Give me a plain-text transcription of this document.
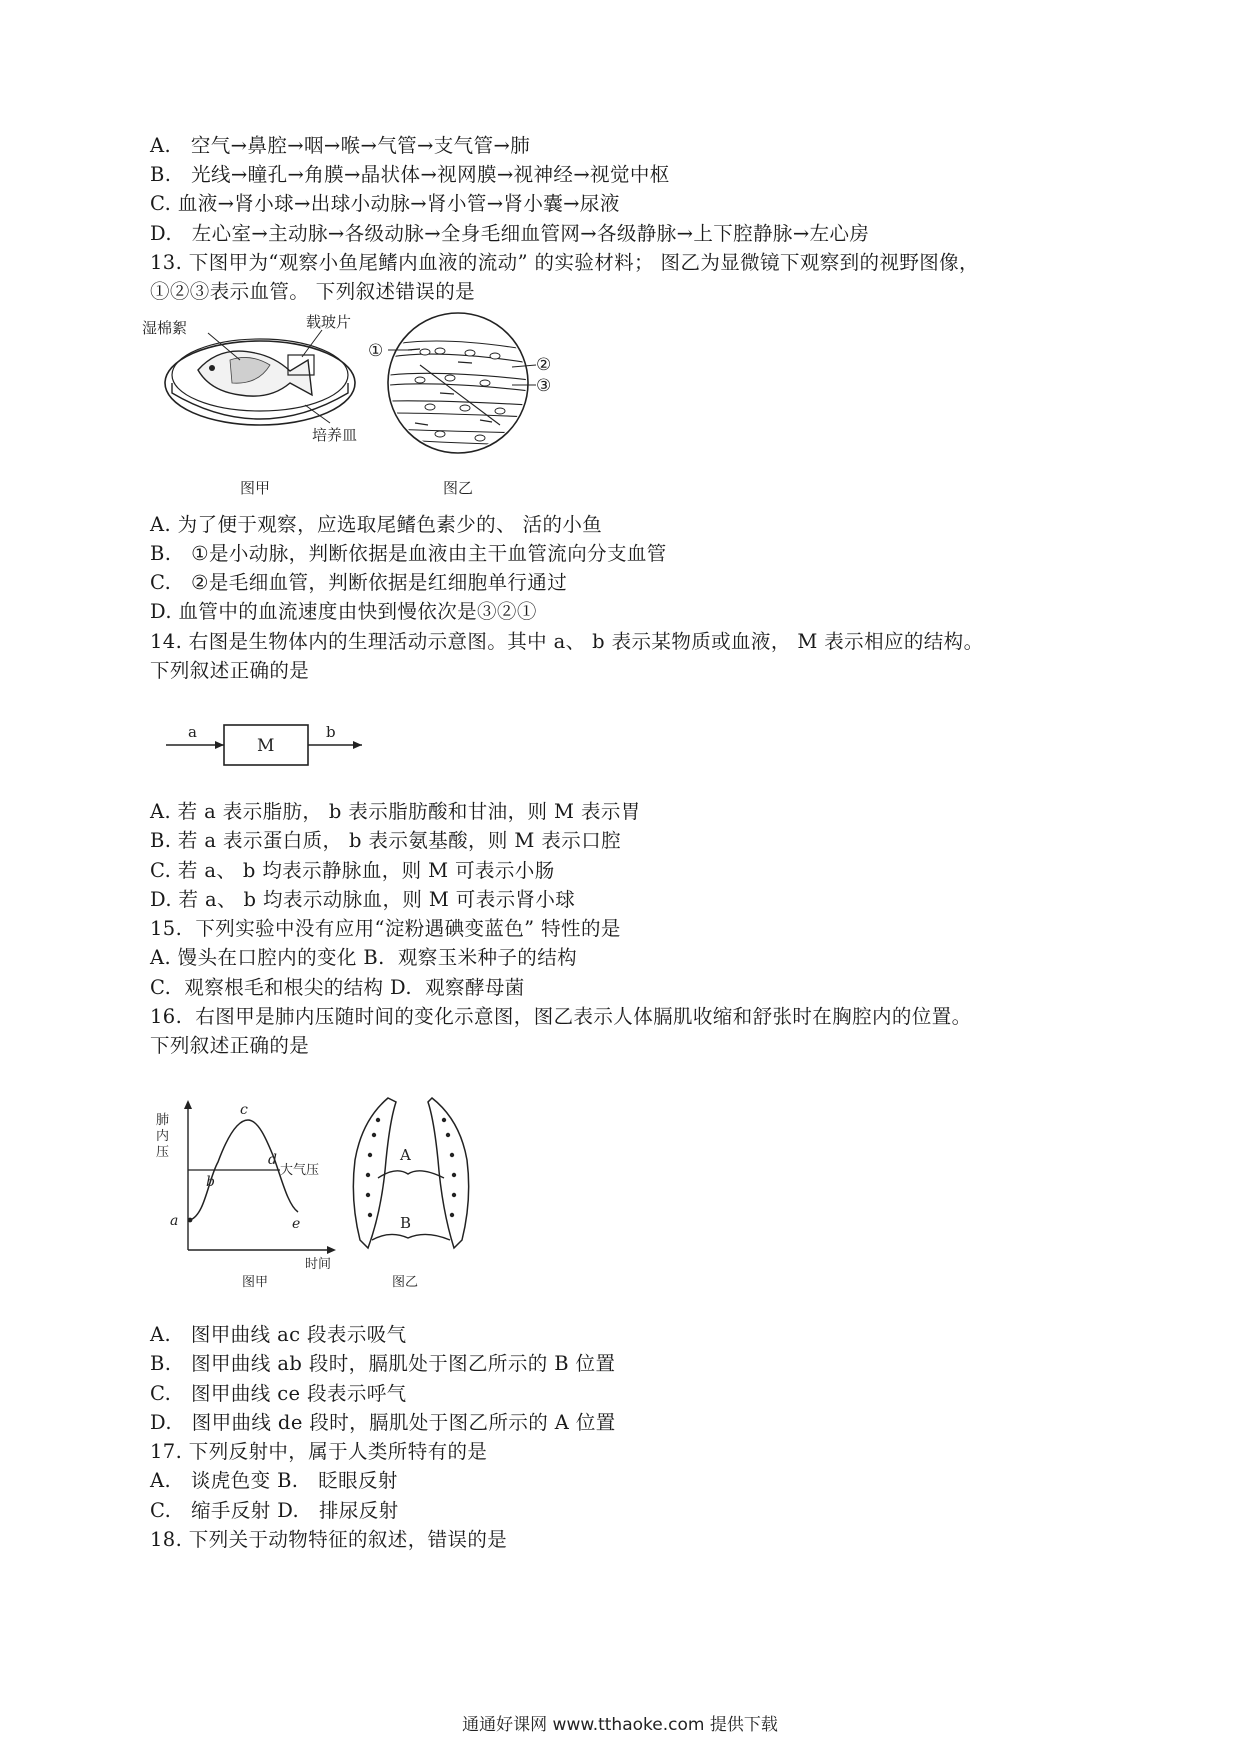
A.   空气→鼻腔→咽→喉→气管→支气管→肺
B.   光线→瞳孔→角膜→晶状体→视网膜→视神经→视觉中枢
C. 血液→肾小球→出球小动脉→肾小管→肾小囊→尿液
D.   左心室→主动脉→各级动脉→全身毛细血管网→各级静脉→上下腔静脉→左心房
13. 下图甲为“观察小鱼尾鳍内血液的流动” 的实验材料； 图乙为显微镜下观察到的视野图像，
①②③表示血管。 下列叙述错误的是
湿棉絮	载玻片
培养皿
图甲
①
②
③
图乙
A. 为了便于观察，应选取尾鳍色素少的、 活的小鱼
B.   ①是小动脉，判断依据是血液由主干血管流向分支血管
C.   ②是毛细血管，判断依据是红细胞单行通过
D. 血管中的血流速度由快到慢依次是③②①
14. 右图是生物体内的生理活动示意图。其中 a、 b 表示某物质或血液， M 表示相应的结构。
下列叙述正确的是
a
M
b
A. 若 a 表示脂肪， b 表示脂肪酸和甘油，则 M 表示胃
B. 若 a 表示蛋白质， b 表示氨基酸，则 M 表示口腔
C. 若 a、 b 均表示静脉血，则 M 可表示小肠
D. 若 a、 b 均表示动脉血，则 M 可表示肾小球
15.  下列实验中没有应用“淀粉遇碘变蓝色” 特性的是
A. 馒头在口腔内的变化 B.  观察玉米种子的结构
C.  观察根毛和根尖的结构 D.  观察酵母菌
16.  右图甲是肺内压随时间的变化示意图，图乙表示人体膈肌收缩和舒张时在胸腔内的位置。
下列叙述正确的是
肺
内
压
大气压
时间
a
b
c
d
e
图甲
A
B
图乙
A.   图甲曲线 ac 段表示吸气
B.   图甲曲线 ab 段时，膈肌处于图乙所示的 B 位置
C.   图甲曲线 ce 段表示呼气
D.   图甲曲线 de 段时，膈肌处于图乙所示的 A 位置
17. 下列反射中，属于人类所特有的是
A.   谈虎色变 B.   眨眼反射
C.   缩手反射 D.   排尿反射
18. 下列关于动物特征的叙述，错误的是
通通好课网 www.tthaoke.com 提供下载
